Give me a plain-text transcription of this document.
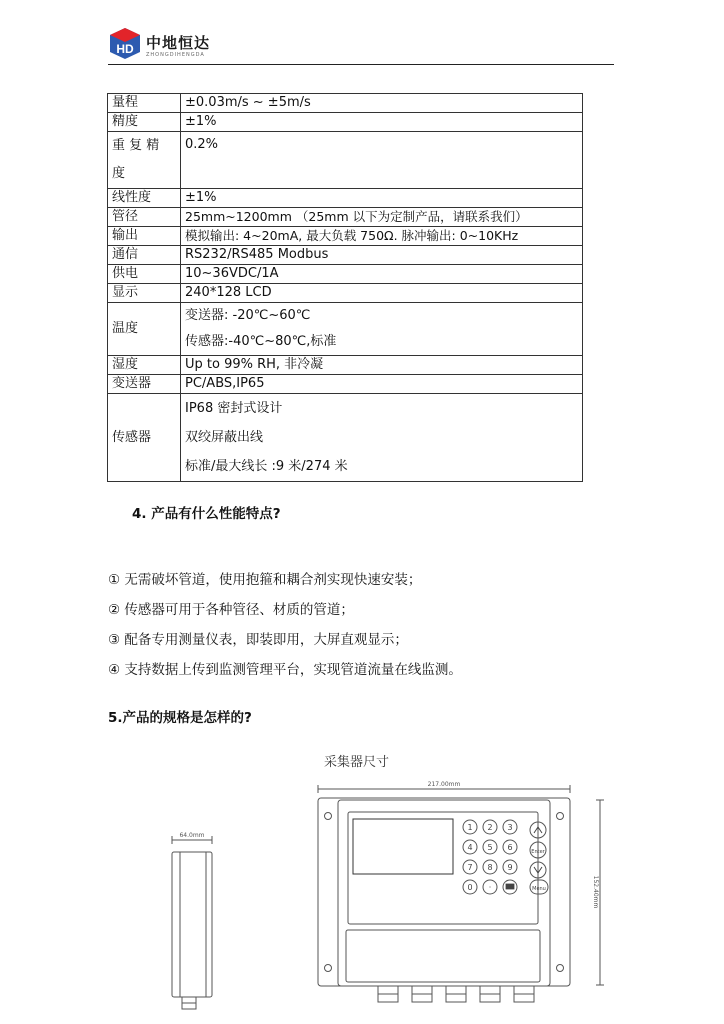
HD 中地恒达
ZHONGDIHENGDA
量程	±0.03m/s ~ ±5m/s
精度	±1%
重 复 精 度	0.2%
线性度	±1%
管径	25mm~1200mm （25mm 以下为定制产品，请联系我们）
输出	模拟输出: 4~20mA, 最大负载 750Ω. 脉冲输出: 0~10KHz
通信	RS232/RS485 Modbus
供电	10~36VDC/1A
显示	240*128 LCD
温度	变送器: -20℃~60℃
传感器:-40℃~80℃,标准

湿度	Up to 99% RH, 非冷凝
变送器	PC/ABS,IP65
传感器	IP68 密封式设计
双绞屏蔽出线
标准/最大线长 :9 米/274 米
4. 产品有什么性能特点?
① 无需破坏管道，使用抱箍和耦合剂实现快速安装；
② 传感器可用于各种管径、材质的管道；
③ 配备专用测量仪表，即装即用，大屏直观显示；
④ 支持数据上传到监测管理平台，实现管道流量在线监测。
5.产品的规格是怎样的?
采集器尺寸
64.0mm
217.00mm
152.40mm
1 2 3
4 5 6
7 8 9
0 ·
Enter
Menu
